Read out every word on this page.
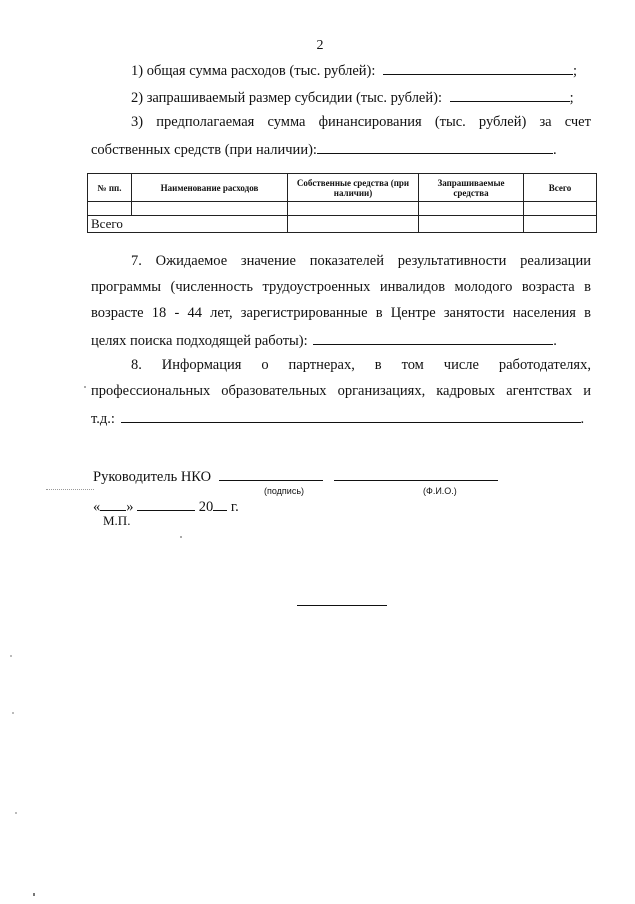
2
1) общая сумма расходов (тыс. рублей):	;
2) запрашиваемый размер субсидии (тыс. рублей):	;
3) предполагаемая сумма финансирования (тыс. рублей) за счет
собственных средств (при наличии):	.
№ пп.	Наименование расходов	Собственные средства (при наличии)	Запрашиваемые средства	Всего

Всего				
7. Ожидаемое значение показателей результативности реализации
программы (численность трудоустроенных инвалидов молодого возраста в
возрасте 18 - 44 лет, зарегистрированные в Центре занятости населения в
целях поиска подходящей работы):	.
8. Информация о партнерах, в том числе работодателях,
профессиональных образовательных организациях, кадровых агентствах и
т.д.:	.
Руководитель НКО
(подпись)	(Ф.И.О.)
« »	20 г.
М.П.
